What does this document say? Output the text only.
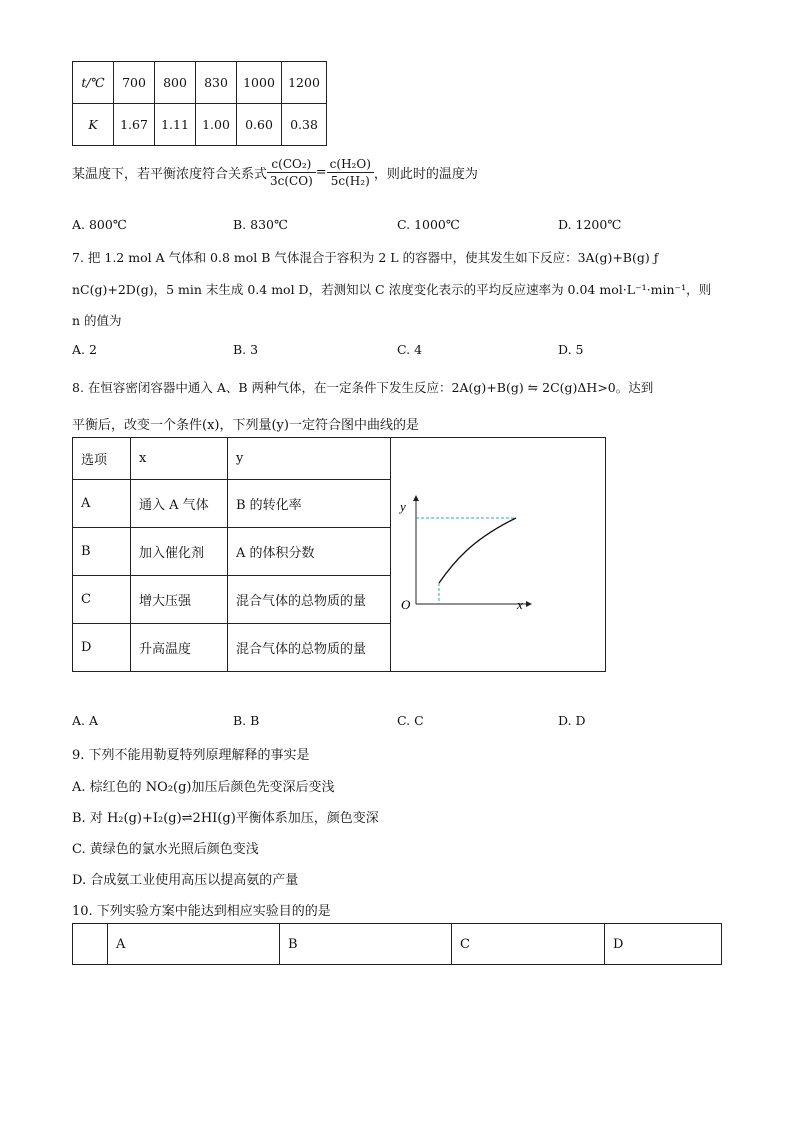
t/℃	700	800	830	1000	1200
K	1.67	1.11	1.00	0.60	0.38
某温度下，若平衡浓度符合关系式 $\frac{\text{c(CO₂)}}{3c(CO)} = \frac{\text{c(H₂O)}}{\text{5c(H₂)}}$ ，则此时的温度为
A. 800℃	B. 830℃	C. 1000℃	D. 1200℃
7. 把 1.2 mol A 气体和 0.8 mol B 气体混合于容积为 2 L 的容器中，使其发生如下反应：3A(g)+B(g) ƒ
nC(g)+2D(g)，5 min 末生成 0.4 mol D，若测知以 C 浓度变化表示的平均反应速率为 0.04 mol·L⁻¹·min⁻¹，则
n 的值为
A. 2	B. 3	C. 4	D. 5
8. 在恒容密闭容器中通入 A、B 两种气体，在一定条件下发生反应：2A(g)+B(g) ⇋ 2C(g)ΔH>0。达到
平衡后，改变一个条件(x)，下列量(y)一定符合图中曲线的是
选项	x	y	y
x
O

A	通入 A 气体	B 的转化率	
B	加入催化剂	A 的体积分数	
C	增大压强	混合气体的总物质的量	
D	升高温度	混合气体的总物质的量	
A. A	B. B	C. C	D. D
9. 下列不能用勒夏特列原理解释的事实是
A. 棕红色的 NO₂(g)加压后颜色先变深后变浅
B. 对 H₂(g)+I₂(g)⇌2HI(g)平衡体系加压，颜色变深
C. 黄绿色的氯水光照后颜色变浅
D. 合成氨工业使用高压以提高氨的产量
10. 下列实验方案中能达到相应实验目的的是
	A	B	C	D
